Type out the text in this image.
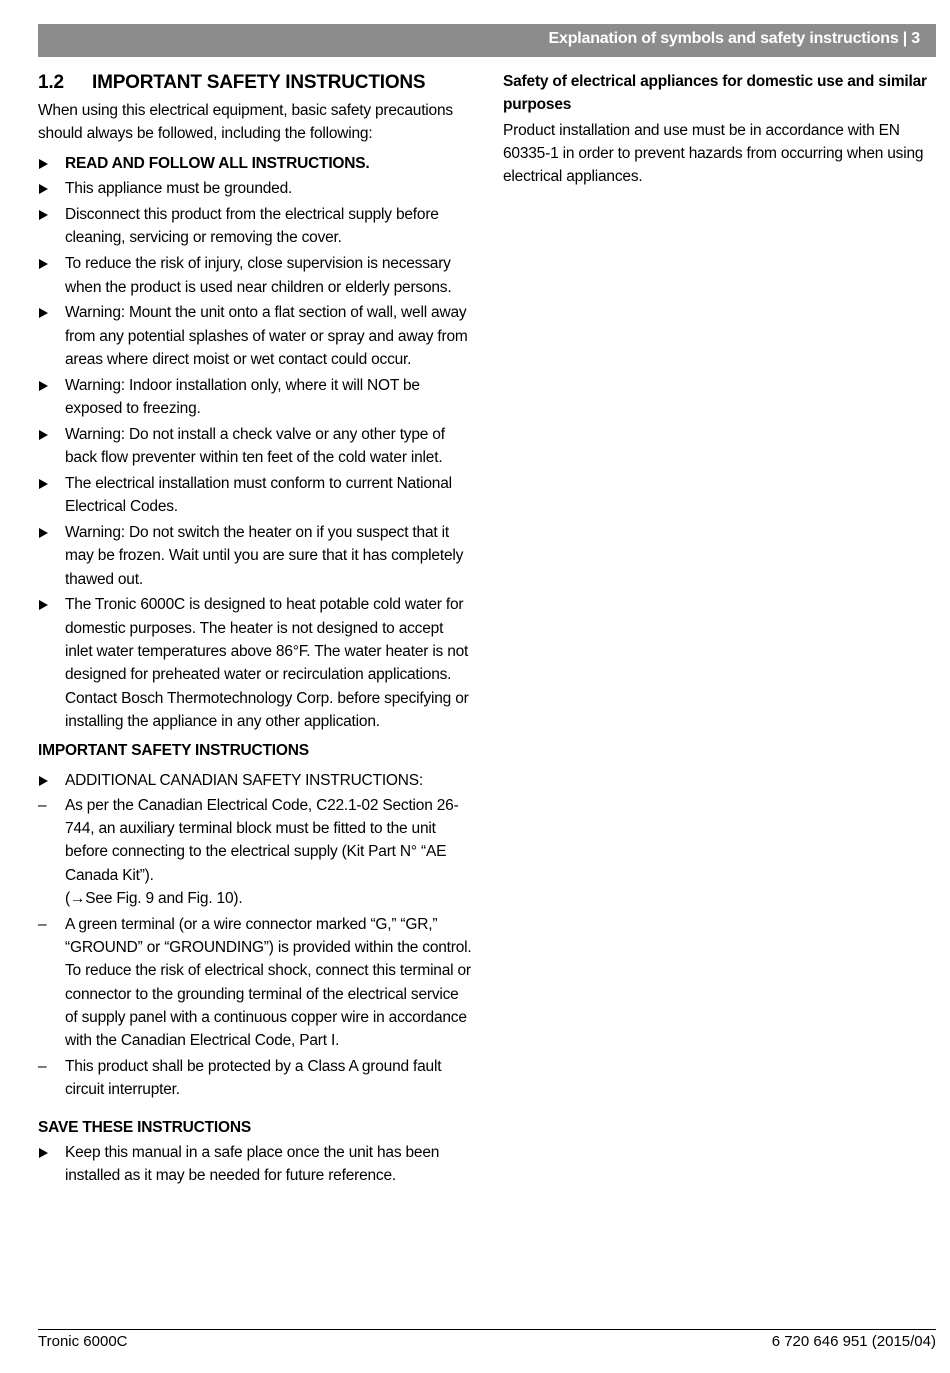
Explanation of symbols and safety instructions | 3
1.2	IMPORTANT SAFETY INSTRUCTIONS

When using this electrical equipment, basic safety precautions should always be followed, including the following:

READ AND FOLLOW ALL INSTRUCTIONS.
This appliance must be grounded.
Disconnect this product from the electrical supply before cleaning, servicing or removing the cover.
To reduce the risk of injury, close supervision is necessary when the product is used near children or elderly persons.
Warning: Mount the unit onto a flat section of wall, well away from any potential splashes of water or spray and away from areas where direct moist or wet contact could occur.
Warning: Indoor installation only, where it will NOT be exposed to freezing.
Warning: Do not install a check valve or any other type of back flow preventer within ten feet of the cold water inlet.
The electrical installation must conform to current National Electrical Codes.
Warning: Do not switch the heater on if you suspect that it may be frozen. Wait until you are sure that it has completely thawed out.
The Tronic 6000C is designed to heat potable cold water for domestic purposes. The heater is not designed to accept inlet water temperatures above 86°F. The water heater is not designed for preheated water or recirculation applications. Contact Bosch Thermotechnology Corp. before specifying or installing the appliance in any other application.
IMPORTANT SAFETY INSTRUCTIONS
ADDITIONAL CANADIAN SAFETY INSTRUCTIONS:
– As per the Canadian Electrical Code, C22.1-02 Section 26-744, an auxiliary terminal block must be fitted to the unit before connecting to the electrical supply (Kit Part N° “AE Canada Kit”).
(→See Fig. 9 and Fig. 10).
– A green terminal (or a wire connector marked “G,” “GR,” “GROUND” or “GROUNDING”) is provided within the control. To reduce the risk of electrical shock, connect this terminal or connector to the grounding terminal of the electrical service of supply panel with a continuous copper wire in accordance with the Canadian Electrical Code, Part I.
– This product shall be protected by a Class A ground fault circuit interrupter.
SAVE THESE INSTRUCTIONS
Keep this manual in a safe place once the unit has been installed as it may be needed for future reference.
Safety of electrical appliances for domestic use and similar purposes
Product installation and use must be in accordance with EN 60335-1 in order to prevent hazards from occurring when using electrical appliances.
Tronic 6000C	6 720 646 951 (2015/04)
